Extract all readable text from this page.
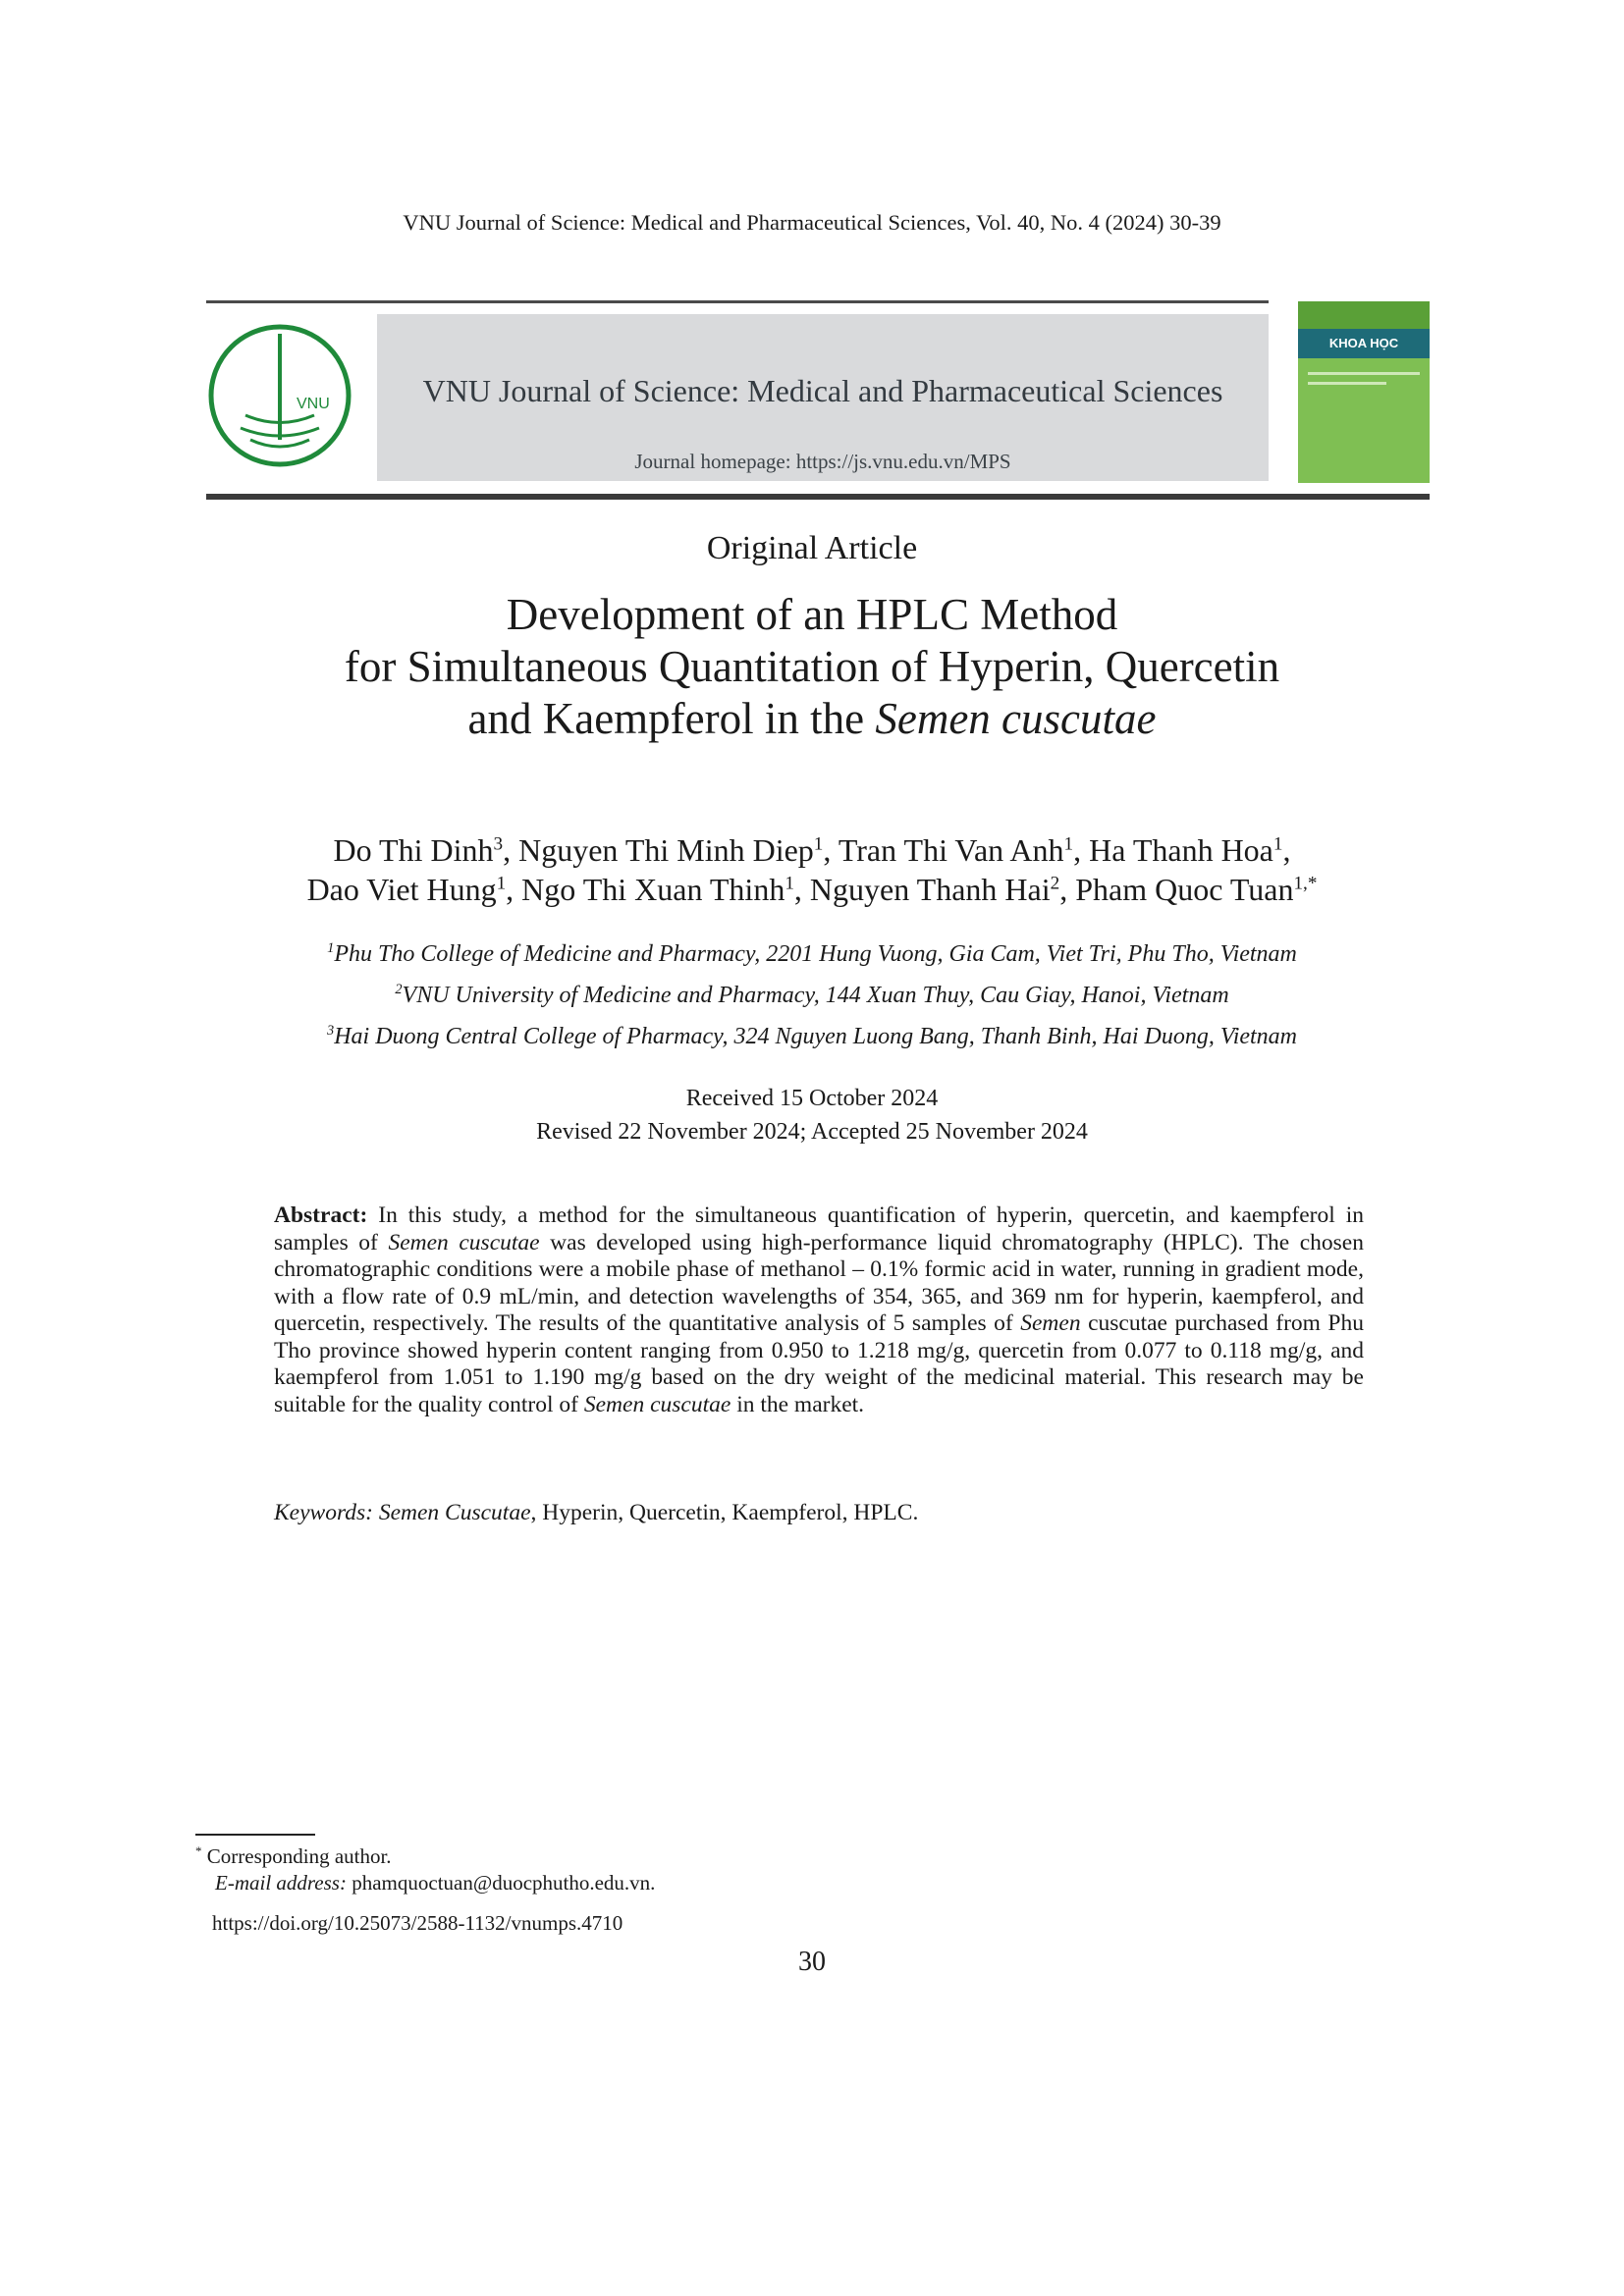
VNU Journal of Science: Medical and Pharmaceutical Sciences, Vol. 40, No. 4 (2024) 30-39
VNU	VNU Journal of Science: Medical and Pharmaceutical Sciences
Journal homepage: https://js.vnu.edu.vn/MPS
KHOA HỌC
Original Article
Development of an HPLC Method
for Simultaneous Quantitation of Hyperin, Quercetin
and Kaempferol in the Semen cuscutae
Do Thi Dinh$^3$, Nguyen Thi Minh Diep$^1$, Tran Thi Van Anh$^1$, Ha Thanh Hoa$^1$,
Dao Viet Hung$^1$, Ngo Thi Xuan Thinh$^1$, Nguyen Thanh Hai$^2$, Pham Quoc Tuan$^{1,*}$
$^1$Phu Tho College of Medicine and Pharmacy, 2201 Hung Vuong, Gia Cam, Viet Tri, Phu Tho, Vietnam
$^2$VNU University of Medicine and Pharmacy, 144 Xuan Thuy, Cau Giay, Hanoi, Vietnam
$^3$Hai Duong Central College of Pharmacy, 324 Nguyen Luong Bang, Thanh Binh, Hai Duong, Vietnam
Received 15 October 2024
Revised 22 November 2024; Accepted 25 November 2024
Abstract: In this study, a method for the simultaneous quantification of hyperin, quercetin, and kaempferol in samples of Semen cuscutae was developed using high-performance liquid chromatography (HPLC). The chosen chromatographic conditions were a mobile phase of methanol – 0.1% formic acid in water, running in gradient mode, with a flow rate of 0.9 mL/min, and detection wavelengths of 354, 365, and 369 nm for hyperin, kaempferol, and quercetin, respectively. The results of the quantitative analysis of 5 samples of Semen cuscutae purchased from Phu Tho province showed hyperin content ranging from 0.950 to 1.218 mg/g, quercetin from 0.077 to 0.118 mg/g, and kaempferol from 1.051 to 1.190 mg/g based on the dry weight of the medicinal material. This research may be suitable for the quality control of Semen cuscutae in the market.
Keywords: Semen Cuscutae, Hyperin, Quercetin, Kaempferol, HPLC.
* Corresponding author.
E-mail address: phamquoctuan@duocphutho.edu.vn.
https://doi.org/10.25073/2588-1132/vnumps.4710
30
